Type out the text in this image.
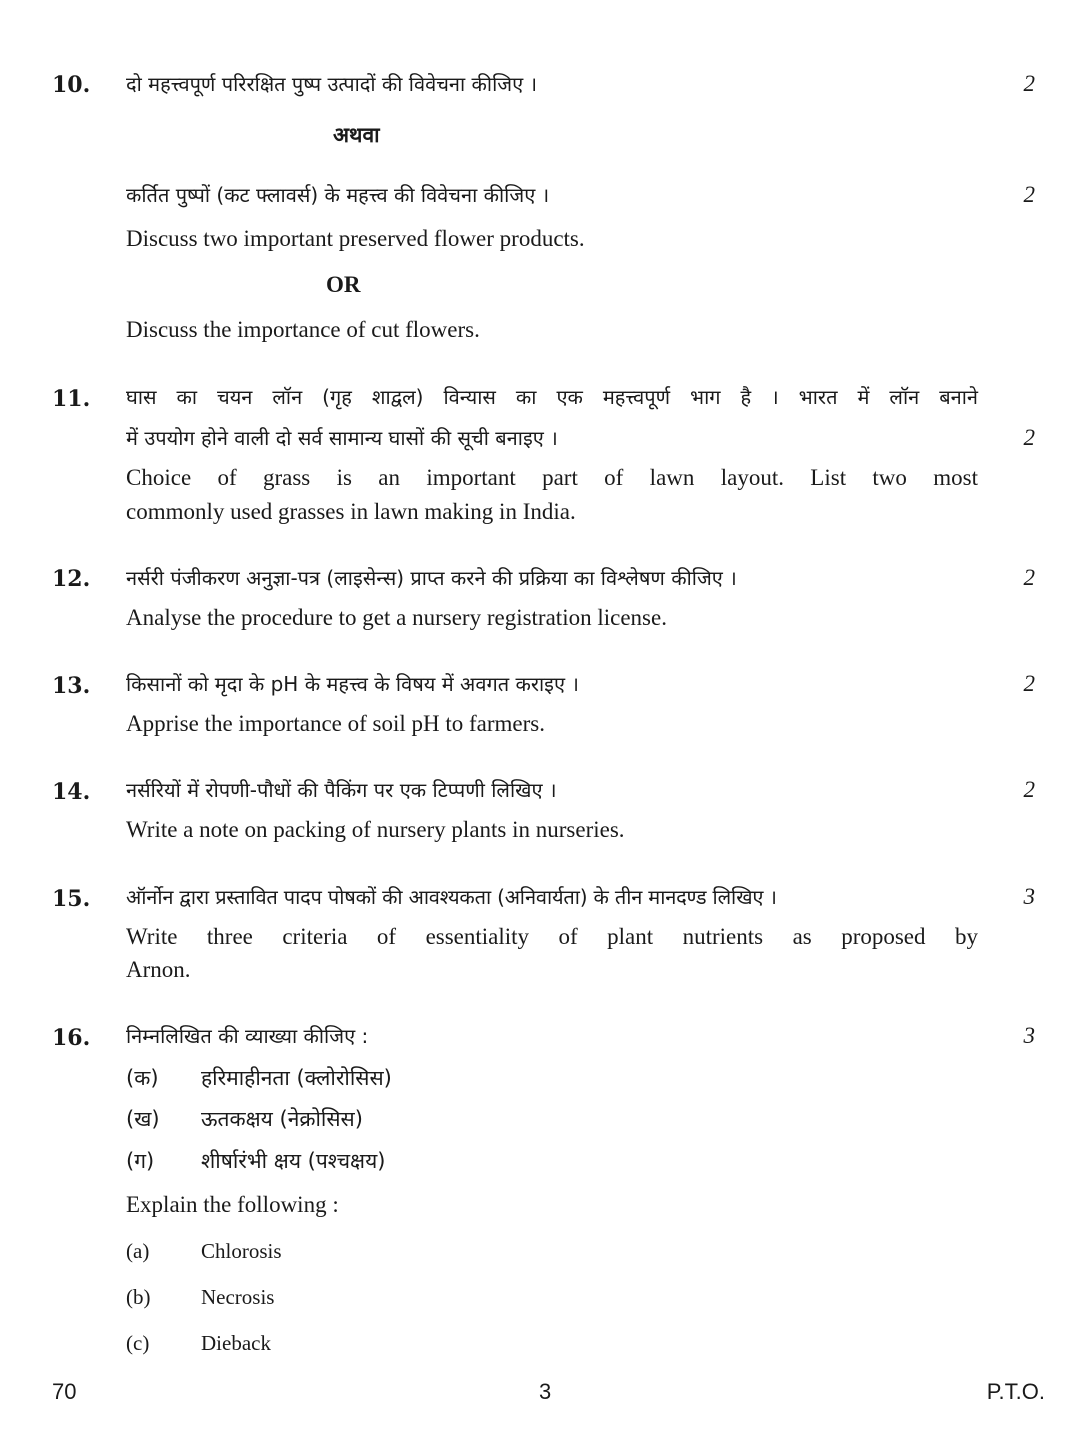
10. दो महत्त्वपूर्ण परिरक्षित पुष्प उत्पादों की विवेचना कीजिए ।	2
अथवा
कर्तित पुष्पों (कट फ्लावर्स) के महत्त्व की विवेचना कीजिए ।	2
Discuss two important preserved flower products.
OR
Discuss the importance of cut flowers.
11. घास का चयन लॉन (गृह शाद्वल) विन्यास का एक महत्त्वपूर्ण भाग है । भारत में लॉन बनाने
में उपयोग होने वाली दो सर्व सामान्य घासों की सूची बनाइए ।	2
Choice of grass is an important part of lawn layout. List two most
commonly used grasses in lawn making in India.
12. नर्सरी पंजीकरण अनुज्ञा-पत्र (लाइसेन्स) प्राप्त करने की प्रक्रिया का विश्लेषण कीजिए ।	2
Analyse the procedure to get a nursery registration license.
13. किसानों को मृदा के pH के महत्त्व के विषय में अवगत कराइए ।	2
Apprise the importance of soil pH to farmers.
14. नर्सरियों में रोपणी-पौधों की पैकिंग पर एक टिप्पणी लिखिए ।	2
Write a note on packing of nursery plants in nurseries.
15. ऑर्नोन द्वारा प्रस्तावित पादप पोषकों की आवश्यकता (अनिवार्यता) के तीन मानदण्ड लिखिए ।	3
Write three criteria of essentiality of plant nutrients as proposed by
Arnon.
16. निम्नलिखित की व्याख्या कीजिए :	3
(क) हरिमाहीनता (क्लोरोसिस)
(ख) ऊतकक्षय (नेक्रोसिस)
(ग) शीर्षारंभी क्षय (पश्चक्षय)
Explain the following :
(a) Chlorosis
(b) Necrosis
(c) Dieback
70	3	P.T.O.
